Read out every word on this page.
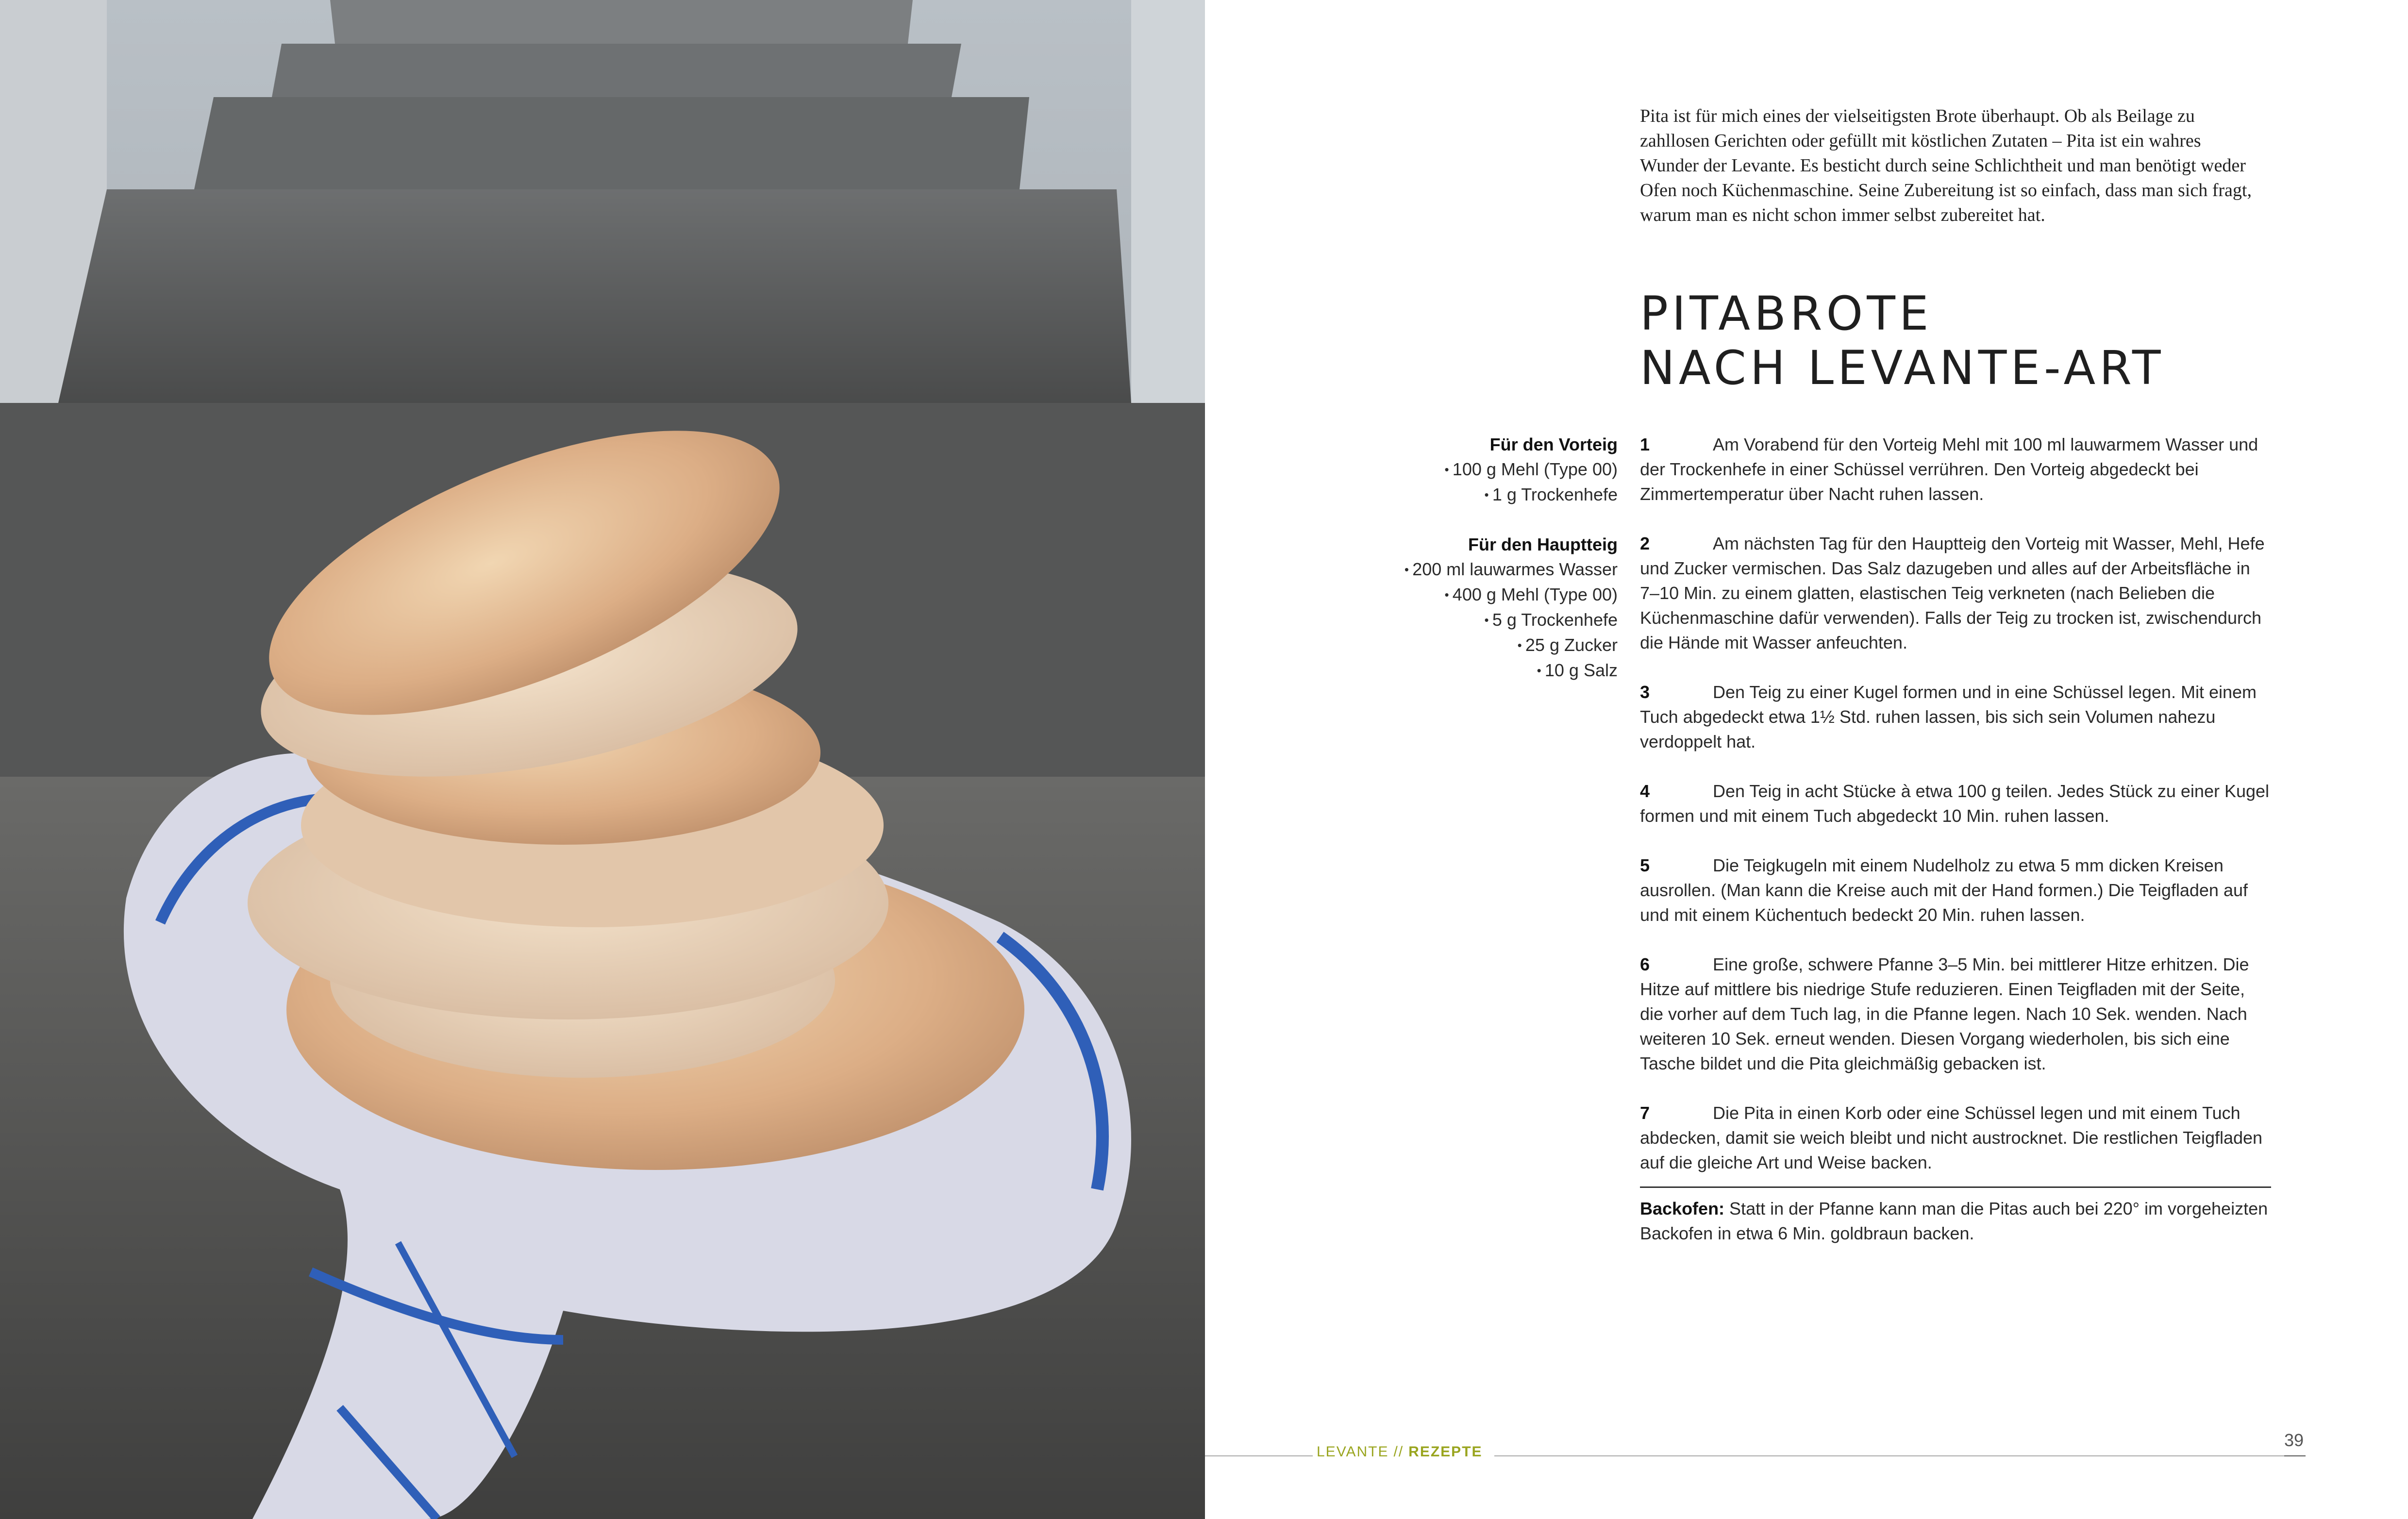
Pita ist für mich eines der vielseitigsten Brote überhaupt. Ob als Beilage zu zahllosen Gerichten oder gefüllt mit köstlichen Zutaten – Pita ist ein wahres Wunder der Levante. Es besticht durch seine Schlichtheit und man benötigt weder Ofen noch Küchenmaschine. Seine Zubereitung ist so einfach, dass man sich fragt, warum man es nicht schon immer selbst zubereitet hat.

PITABROTE
NACH LEVANTE-ART
Für den Vorteig
• 100 g Mehl (Type 00)
• 1 g Trockenhefe
Für den Hauptteig
• 200 ml lauwarmes Wasser
• 400 g Mehl (Type 00)
• 5 g Trockenhefe
• 25 g Zucker
• 10 g Salz
1	Am Vorabend für den Vorteig Mehl mit 100 ml lauwarmem Wasser und der Trockenhefe in einer Schüssel verrühren. Den Vorteig abgedeckt bei Zimmertemperatur über Nacht ruhen lassen.
2	Am nächsten Tag für den Hauptteig den Vorteig mit Wasser, Mehl, Hefe und Zucker vermischen. Das Salz dazugeben und alles auf der Arbeitsfläche in 7–10 Min. zu einem glatten, elastischen Teig verkneten (nach Belieben die Küchenmaschine dafür verwenden). Falls der Teig zu trocken ist, zwischendurch die Hände mit Wasser anfeuchten.
3	Den Teig zu einer Kugel formen und in eine Schüssel legen. Mit einem Tuch abgedeckt etwa 1½ Std. ruhen lassen, bis sich sein Volumen nahezu verdoppelt hat.
4	Den Teig in acht Stücke à etwa 100 g teilen. Jedes Stück zu einer Kugel formen und mit einem Tuch abgedeckt 10 Min. ruhen lassen.
5	Die Teigkugeln mit einem Nudelholz zu etwa 5 mm dicken Kreisen ausrollen. (Man kann die Kreise auch mit der Hand formen.) Die Teigfladen auf und mit einem Küchentuch bedeckt 20 Min. ruhen lassen.
6	Eine große, schwere Pfanne 3–5 Min. bei mittlerer Hitze erhitzen. Die Hitze auf mittlere bis niedrige Stufe reduzieren. Einen Teigfladen mit der Seite, die vorher auf dem Tuch lag, in die Pfanne legen. Nach 10 Sek. wenden. Nach weiteren 10 Sek. erneut wenden. Diesen Vorgang wiederholen, bis sich eine Tasche bildet und die Pita gleichmäßig gebacken ist.
7	Die Pita in einen Korb oder eine Schüssel legen und mit einem Tuch abdecken, damit sie weich bleibt und nicht austrocknet. Die restlichen Teigfladen auf die gleiche Art und Weise backen.
Backofen: Statt in der Pfanne kann man die Pitas auch bei 220° im vorgeheizten Backofen in etwa 6 Min. goldbraun backen.
LEVANTE // REZEPTE
39
